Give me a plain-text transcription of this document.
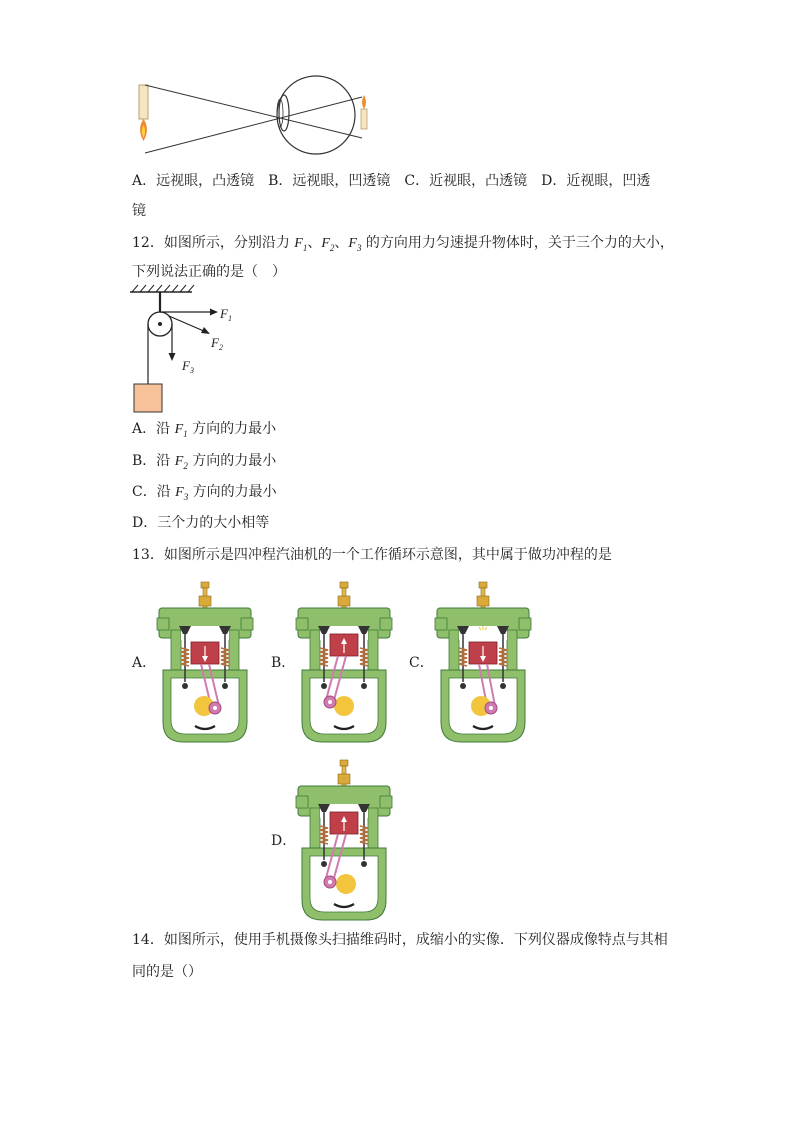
A．远视眼，凸透镜　B．远视眼，凹透镜　C．近视眼，凸透镜　D．近视眼，凹透
镜
12．如图所示，分别沿力 $F_1$、$F_2$、$F_3$ 的方向用力匀速提升物体时，关于三个力的大小，
下列说法正确的是（　）
$F_1$
$F_2$
$F_3$
A．沿 $F_1$ 方向的力最小
B．沿 $F_2$ 方向的力最小
C．沿 $F_3$ 方向的力最小
D．三个力的大小相等
13．如图所示是四冲程汽油机的一个工作循环示意图，其中属于做功冲程的是
A．	B．	C．
D．
14．如图所示，使用手机摄像头扫描维码时，成缩小的实像．下列仪器成像特点与其相
同的是（）
